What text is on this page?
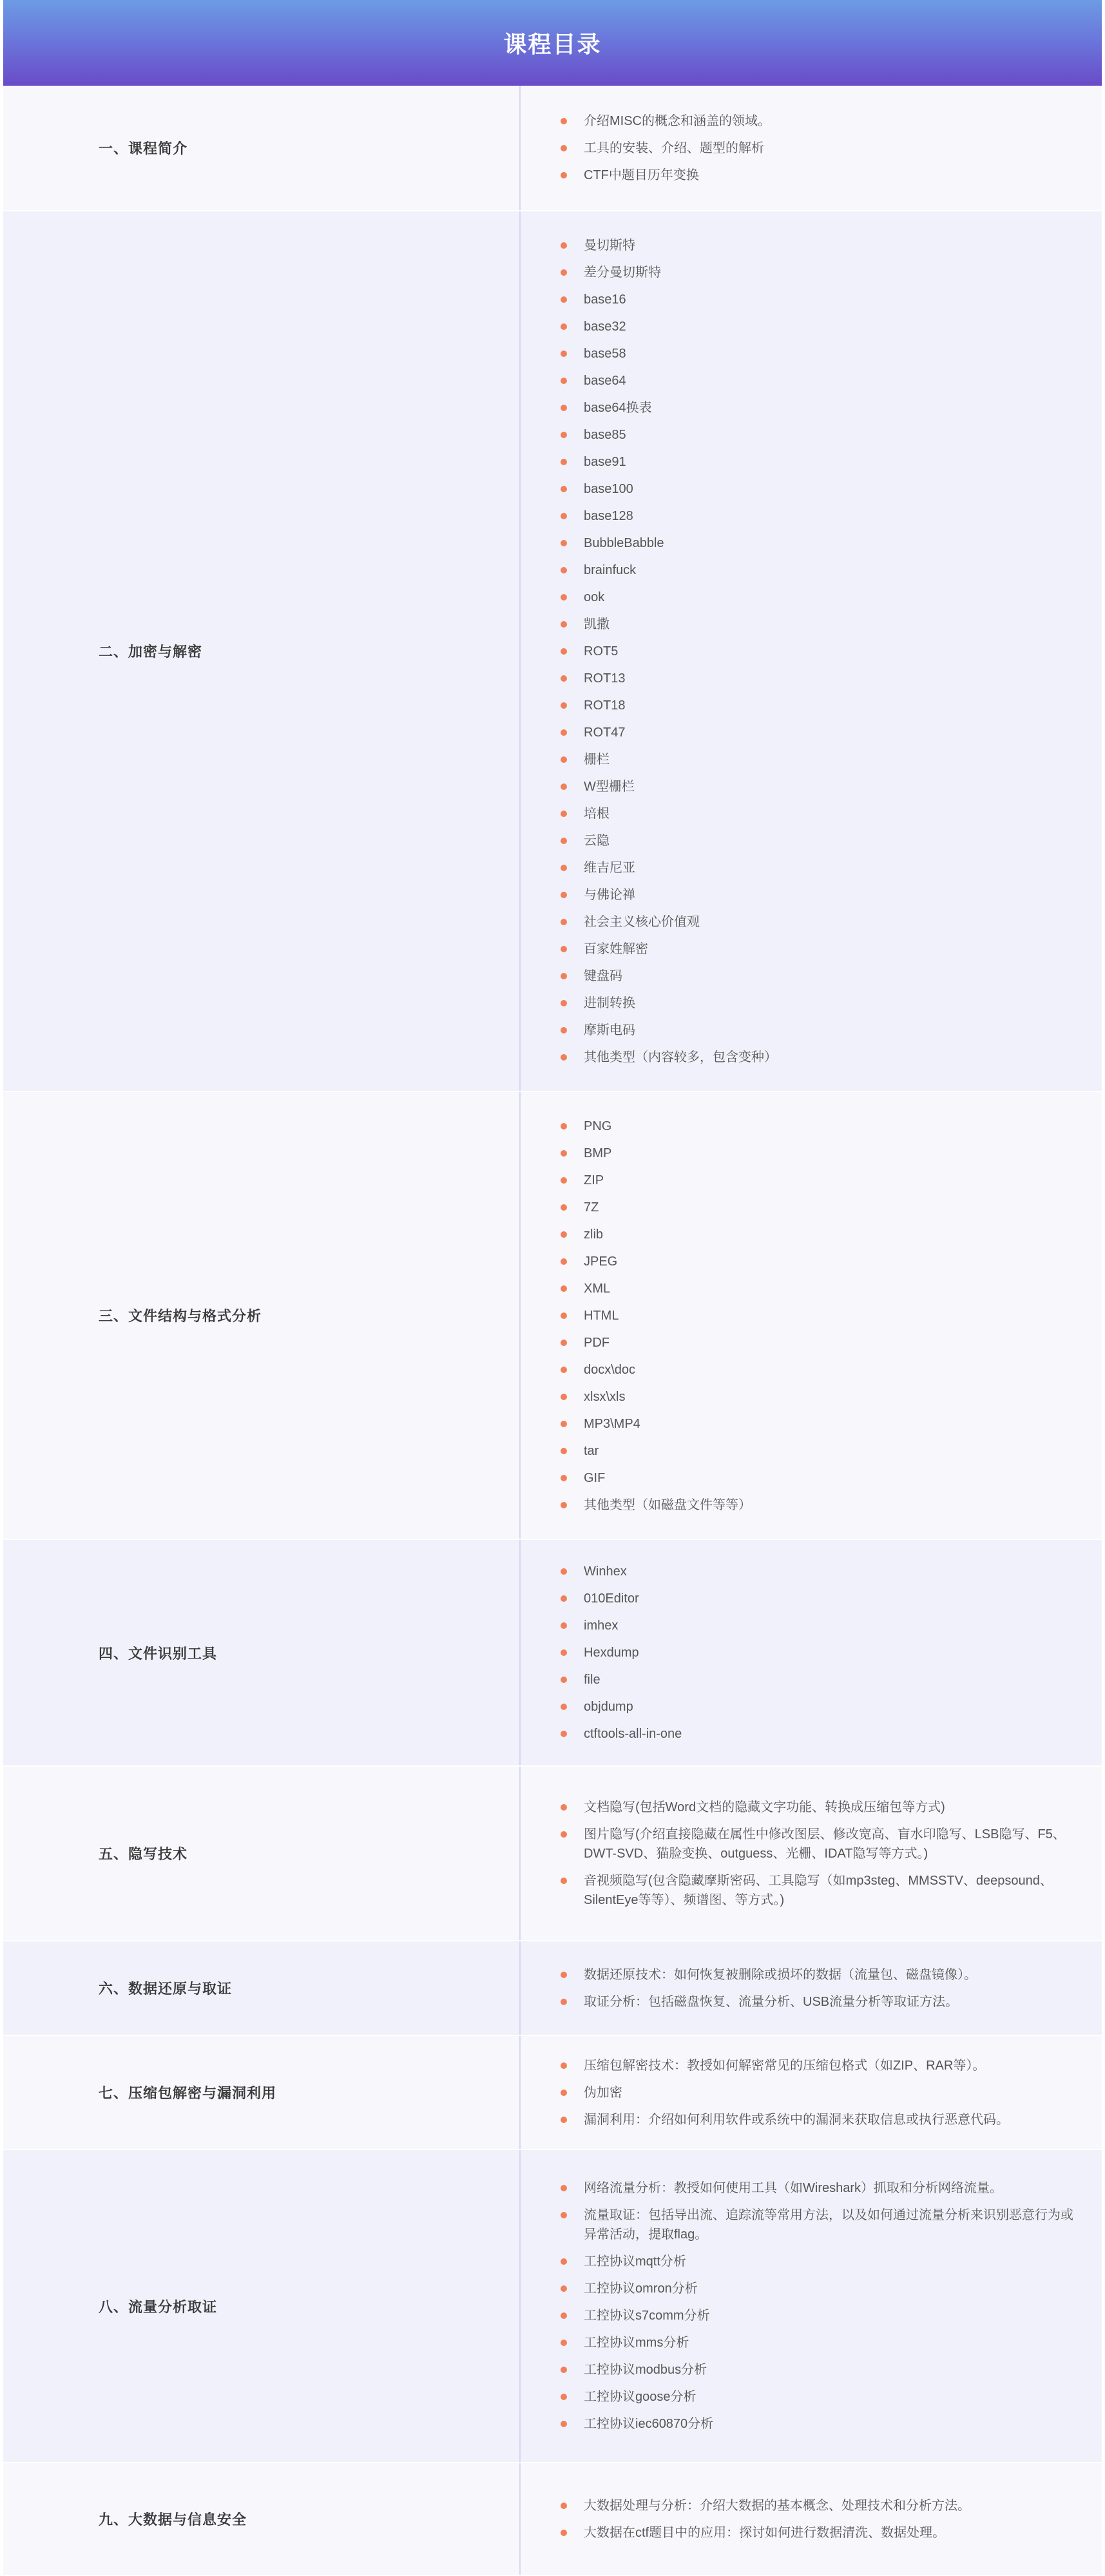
课程目录
一、课程简介
介绍MISC的概念和涵盖的领域。
工具的安装、介绍、题型的解析
CTF中题目历年变换
二、加密与解密
曼切斯特
差分曼切斯特
base16
base32
base58
base64
base64换表
base85
base91
base100
base128
BubbleBabble
brainfuck
ook
凯撒
ROT5
ROT13
ROT18
ROT47
栅栏
W型栅栏
培根
云隐
维吉尼亚
与佛论禅
社会主义核心价值观
百家姓解密
键盘码
进制转换
摩斯电码
其他类型（内容较多，包含变种）
三、文件结构与格式分析
PNG
BMP
ZIP
7Z
zlib
JPEG
XML
HTML
PDF
docx\doc
xlsx\xls
MP3\MP4
tar
GIF
其他类型（如磁盘文件等等）
四、文件识别工具
Winhex
010Editor
imhex
Hexdump
file
objdump
ctftools-all-in-one
五、隐写技术
文档隐写(包括Word文档的隐藏文字功能、转换成压缩包等方式)
图片隐写(介绍直接隐藏在属性中修改图层、修改宽高、盲水印隐写、LSB隐写、F5、DWT-SVD、猫脸变换、outguess、光栅、IDAT隐写等方式。)
音视频隐写(包含隐藏摩斯密码、工具隐写（如mp3steg、MMSSTV、deepsound、SilentEye等等）、频谱图、等方式。)
六、数据还原与取证
数据还原技术：如何恢复被删除或损坏的数据（流量包、磁盘镜像）。
取证分析：包括磁盘恢复、流量分析、USB流量分析等取证方法。
七、压缩包解密与漏洞利用
压缩包解密技术：教授如何解密常见的压缩包格式（如ZIP、RAR等）。
伪加密
漏洞利用：介绍如何利用软件或系统中的漏洞来获取信息或执行恶意代码。
八、流量分析取证
网络流量分析：教授如何使用工具（如Wireshark）抓取和分析网络流量。
流量取证：包括导出流、追踪流等常用方法，以及如何通过流量分析来识别恶意行为或异常活动，提取flag。
工控协议mqtt分析
工控协议omron分析
工控协议s7comm分析
工控协议mms分析
工控协议modbus分析
工控协议goose分析
工控协议iec60870分析
九、大数据与信息安全
大数据处理与分析：介绍大数据的基本概念、处理技术和分析方法。
大数据在ctf题目中的应用：探讨如何进行数据清洗、数据处理。
